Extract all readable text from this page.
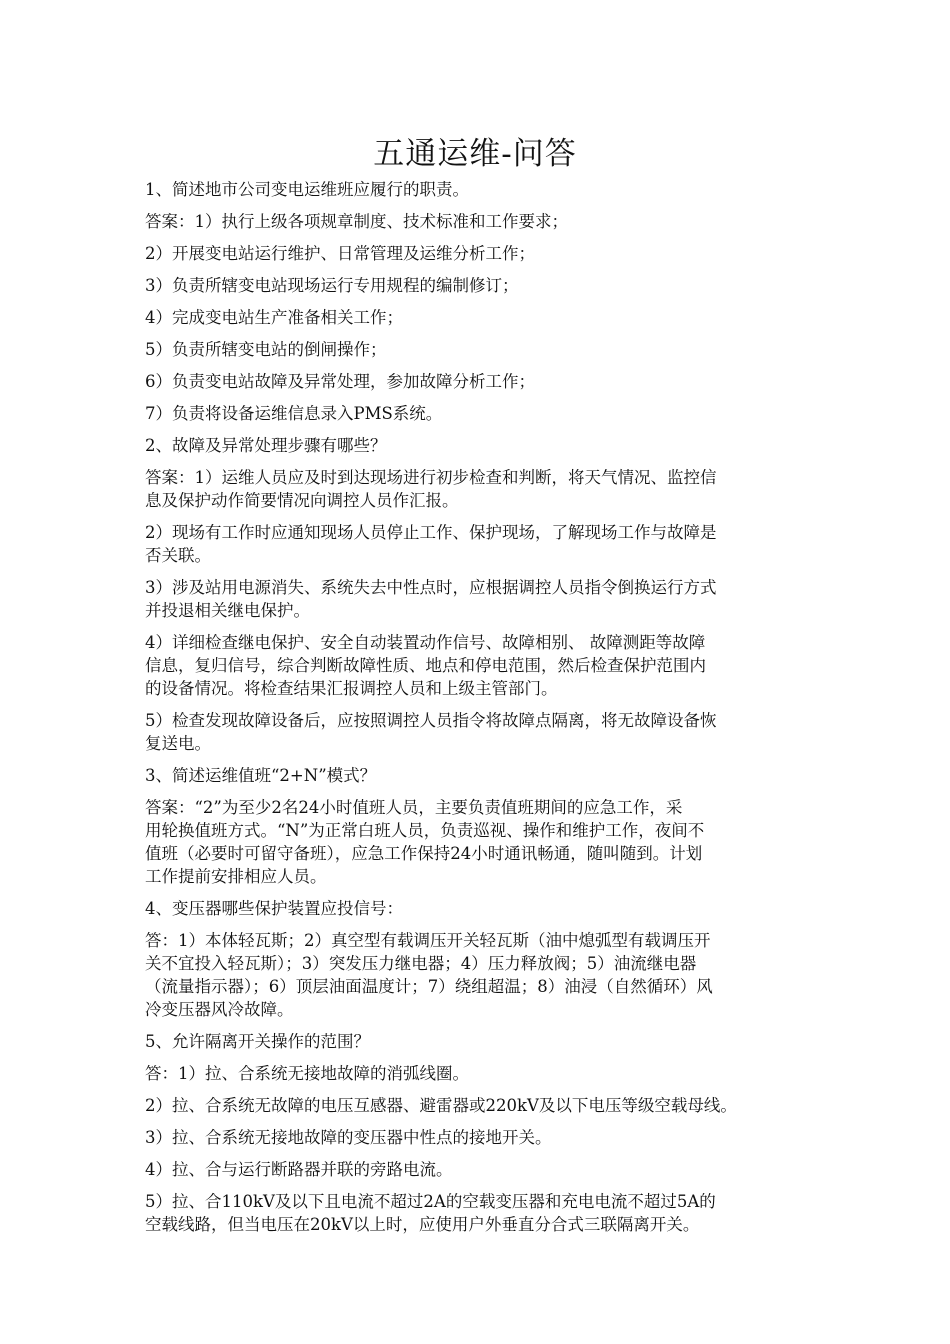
五通运维-问答

1、简述地市公司变电运维班应履行的职责。

答案：1）执行上级各项规章制度、技术标准和工作要求；

2）开展变电站运行维护、日常管理及运维分析工作；

3）负责所辖变电站现场运行专用规程的编制修订；

4）完成变电站生产准备相关工作；

5）负责所辖变电站的倒闸操作；

6）负责变电站故障及异常处理，参加故障分析工作；

7）负责将设备运维信息录入PMS系统。

2、故障及异常处理步骤有哪些？

答案：1）运维人员应及时到达现场进行初步检查和判断，将天气情况、监控信
息及保护动作简要情况向调控人员作汇报。

2）现场有工作时应通知现场人员停止工作、保护现场，了解现场工作与故障是
否关联。

3）涉及站用电源消失、系统失去中性点时，应根据调控人员指令倒换运行方式
并投退相关继电保护。

4）详细检查继电保护、安全自动装置动作信号、故障相别、 故障测距等故障
信息，复归信号，综合判断故障性质、地点和停电范围，然后检查保护范围内
的设备情况。将检查结果汇报调控人员和上级主管部门。

5）检查发现故障设备后，应按照调控人员指令将故障点隔离，将无故障设备恢
复送电。

3、简述运维值班“2+N”模式？

答案：“2”为至少2名24小时值班人员，主要负责值班期间的应急工作，采
用轮换值班方式。“N”为正常白班人员，负责巡视、操作和维护工作，夜间不
值班（必要时可留守备班），应急工作保持24小时通讯畅通，随叫随到。计划
工作提前安排相应人员。

4、变压器哪些保护装置应投信号：

答：1）本体轻瓦斯；2）真空型有载调压开关轻瓦斯（油中熄弧型有载调压开
关不宜投入轻瓦斯）；3）突发压力继电器；4）压力释放阀；5）油流继电器
（流量指示器）；6）顶层油面温度计；7）绕组超温；8）油浸（自然循环）风
冷变压器风冷故障。

5、允许隔离开关操作的范围？

答：1）拉、合系统无接地故障的消弧线圈。

2）拉、合系统无故障的电压互感器、避雷器或220kV及以下电压等级空载母线。

3）拉、合系统无接地故障的变压器中性点的接地开关。

4）拉、合与运行断路器并联的旁路电流。

5）拉、合110kV及以下且电流不超过2A的空载变压器和充电电流不超过5A的
空载线路，但当电压在20kV以上时，应使用户外垂直分合式三联隔离开关。
